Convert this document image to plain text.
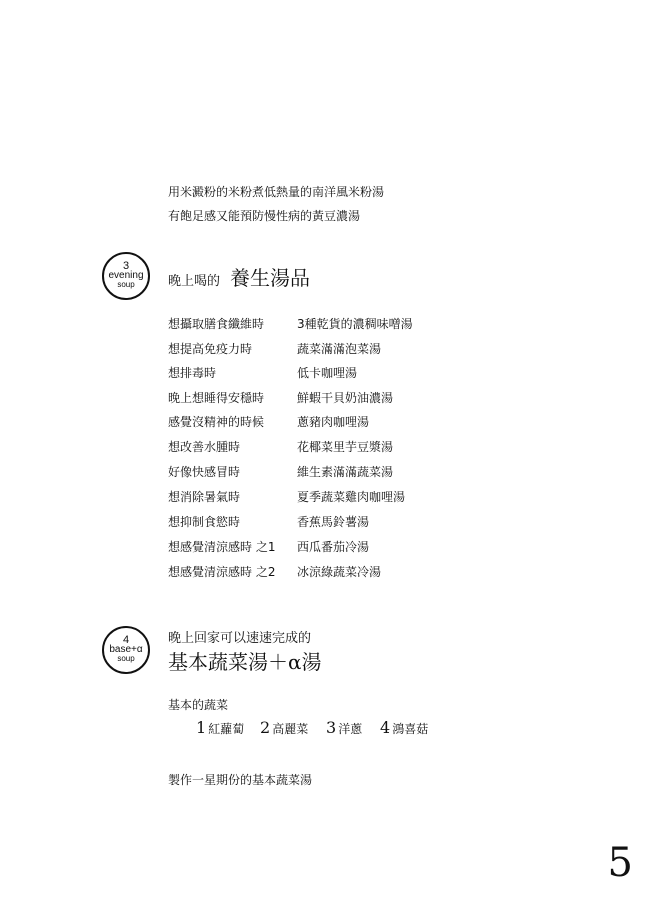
用米澱粉的米粉煮低熱量的南洋風米粉湯
有飽足感又能預防慢性病的黃豆濃湯
3
evening
soup	晚上喝的 養生湯品
想攝取膳食纖維時	3種乾貨的濃稠味噌湯
想提高免疫力時	蔬菜滿滿泡菜湯
想排毒時	低卡咖哩湯
晚上想睡得安穩時	鮮蝦干貝奶油濃湯
感覺沒精神的時候	蔥豬肉咖哩湯
想改善水腫時	花椰菜里芋豆漿湯
好像快感冒時	維生素滿滿蔬菜湯
想消除暑氣時	夏季蔬菜雞肉咖哩湯
想抑制食慾時	香蕉馬鈴薯湯
想感覺清涼感時 之1 西瓜番茄冷湯
想感覺清涼感時 之2 冰涼綠蔬菜冷湯
4
base+α
soup
晚上回家可以速速完成的
基本蔬菜湯＋α湯
基本的蔬菜
1 紅蘿蔔 2 高麗菜 3 洋蔥 4 鴻喜菇
製作一星期份的基本蔬菜湯
5
